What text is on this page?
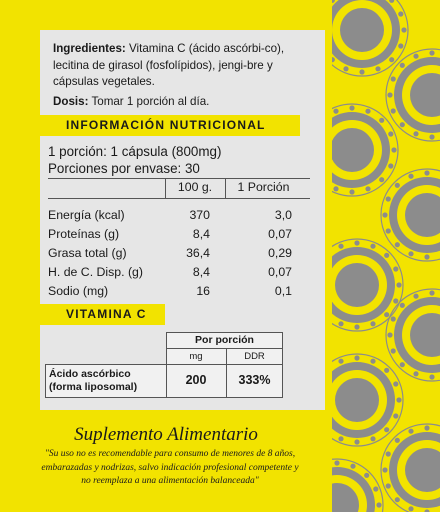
Ingredientes: Vitamina C (ácido ascórbi-co), lecitina de girasol (fosfolípidos), jengi-bre y cápsulas vegetales.
Dosis: Tomar 1 porción al día.
INFORMACIÓN NUTRICIONAL
1 porción: 1 cápsula (800mg)
Porciones por envase: 30
100 g.	1 Porción
Energía (kcal)	370	3,0
Proteínas (g)	8,4	0,07
Grasa total (g)	36,4	0,29
H. de C. Disp. (g)	8,4	0,07
Sodio (mg)	16	0,1
VITAMINA C
Por porción
mg	DDR
Ácido ascórbico
(forma liposomal)	200	333%
Suplemento Alimentario
"Su uso no es recomendable para consumo de menores de 8 años, embarazadas y nodrizas, salvo indicación profesional competente y no reemplaza a una alimentación balanceada"
